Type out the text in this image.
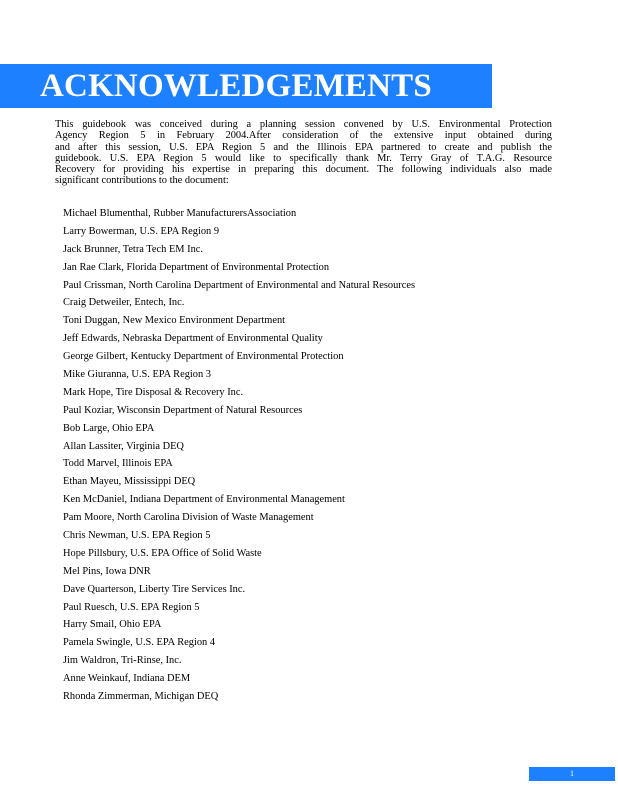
ACKNOWLEDGEMENTS
This guidebook was conceived during a planning session convened by U.S. Environmental Protection
Agency Region 5 in February 2004.After consideration of the extensive input obtained during
and after this session, U.S. EPA Region 5 and the Illinois EPA partnered to create and publish the
guidebook. U.S. EPA Region 5 would like to specifically thank Mr. Terry Gray of T.A.G. Resource
Recovery for providing his expertise in preparing this document. The following individuals also made
significant contributions to the document:
Michael Blumenthal, Rubber ManufacturersAssociation
Larry Bowerman, U.S. EPA Region 9
Jack Brunner, Tetra Tech EM Inc.
Jan Rae Clark, Florida Department of Environmental Protection
Paul Crissman, North Carolina Department of Environmental and Natural Resources
Craig Detweiler, Entech, Inc.
Toni Duggan, New Mexico Environment Department
Jeff Edwards, Nebraska Department of Environmental Quality
George Gilbert, Kentucky Department of Environmental Protection
Mike Giuranna, U.S. EPA Region 3
Mark Hope, Tire Disposal & Recovery Inc.
Paul Koziar, Wisconsin Department of Natural Resources
Bob Large, Ohio EPA
Allan Lassiter, Virginia DEQ
Todd Marvel, Illinois EPA
Ethan Mayeu, Mississippi DEQ
Ken McDaniel, Indiana Department of Environmental Management
Pam Moore, North Carolina Division of Waste Management
Chris Newman, U.S. EPA Region 5
Hope Pillsbury, U.S. EPA Office of Solid Waste
Mel Pins, Iowa DNR
Dave Quarterson, Liberty Tire Services Inc.
Paul Ruesch, U.S. EPA Region 5
Harry Smail, Ohio EPA
Pamela Swingle, U.S. EPA Region 4
Jim Waldron, Tri-Rinse, Inc.
Anne Weinkauf, Indiana DEM
Rhonda Zimmerman, Michigan DEQ
1
